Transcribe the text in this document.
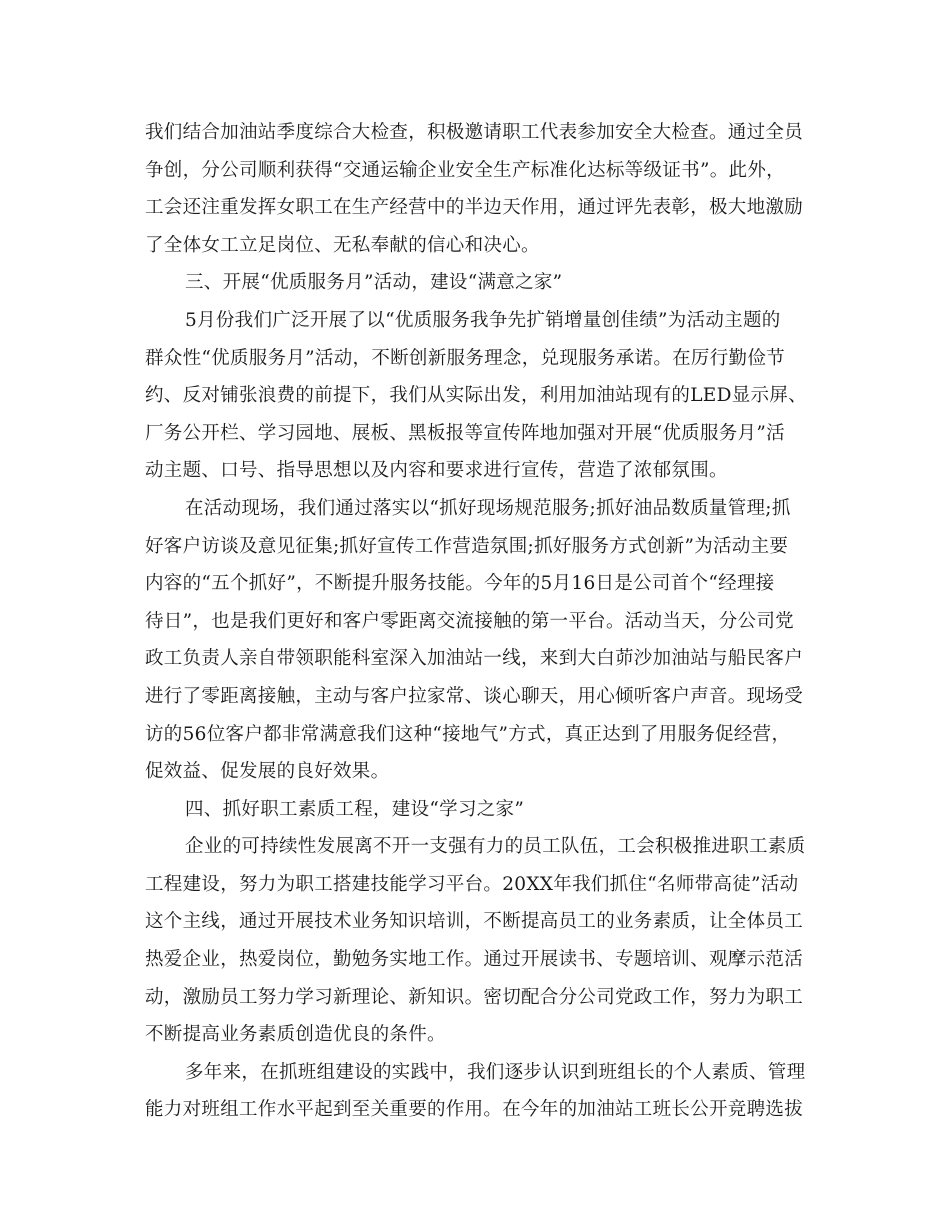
我们结合加油站季度综合大检查，积极邀请职工代表参加安全大检查。通过全员
争创，分公司顺利获得“交通运输企业安全生产标准化达标等级证书”。此外，
工会还注重发挥女职工在生产经营中的半边天作用，通过评先表彰，极大地激励
了全体女工立足岗位、无私奉献的信心和决心。
三、开展“优质服务月”活动，建设“满意之家”
5月份我们广泛开展了以“优质服务我争先扩销增量创佳绩”为活动主题的
群众性“优质服务月”活动，不断创新服务理念，兑现服务承诺。在厉行勤俭节
约、反对铺张浪费的前提下，我们从实际出发，利用加油站现有的LED显示屏、
厂务公开栏、学习园地、展板、黑板报等宣传阵地加强对开展“优质服务月”活
动主题、口号、指导思想以及内容和要求进行宣传，营造了浓郁氛围。
在活动现场，我们通过落实以“抓好现场规范服务;抓好油品数质量管理;抓
好客户访谈及意见征集;抓好宣传工作营造氛围;抓好服务方式创新”为活动主要
内容的“五个抓好”，不断提升服务技能。今年的5月16日是公司首个“经理接
待日”，也是我们更好和客户零距离交流接触的第一平台。活动当天，分公司党
政工负责人亲自带领职能科室深入加油站一线，来到大白茆沙加油站与船民客户
进行了零距离接触，主动与客户拉家常、谈心聊天，用心倾听客户声音。现场受
访的56位客户都非常满意我们这种“接地气”方式，真正达到了用服务促经营，
促效益、促发展的良好效果。
四、抓好职工素质工程，建设“学习之家”
企业的可持续性发展离不开一支强有力的员工队伍，工会积极推进职工素质
工程建设，努力为职工搭建技能学习平台。20XX年我们抓住“名师带高徒”活动
这个主线，通过开展技术业务知识培训，不断提高员工的业务素质，让全体员工
热爱企业，热爱岗位，勤勉务实地工作。通过开展读书、专题培训、观摩示范活
动，激励员工努力学习新理论、新知识。密切配合分公司党政工作，努力为职工
不断提高业务素质创造优良的条件。
多年来，在抓班组建设的实践中，我们逐步认识到班组长的个人素质、管理
能力对班组工作水平起到至关重要的作用。在今年的加油站工班长公开竞聘选拔
